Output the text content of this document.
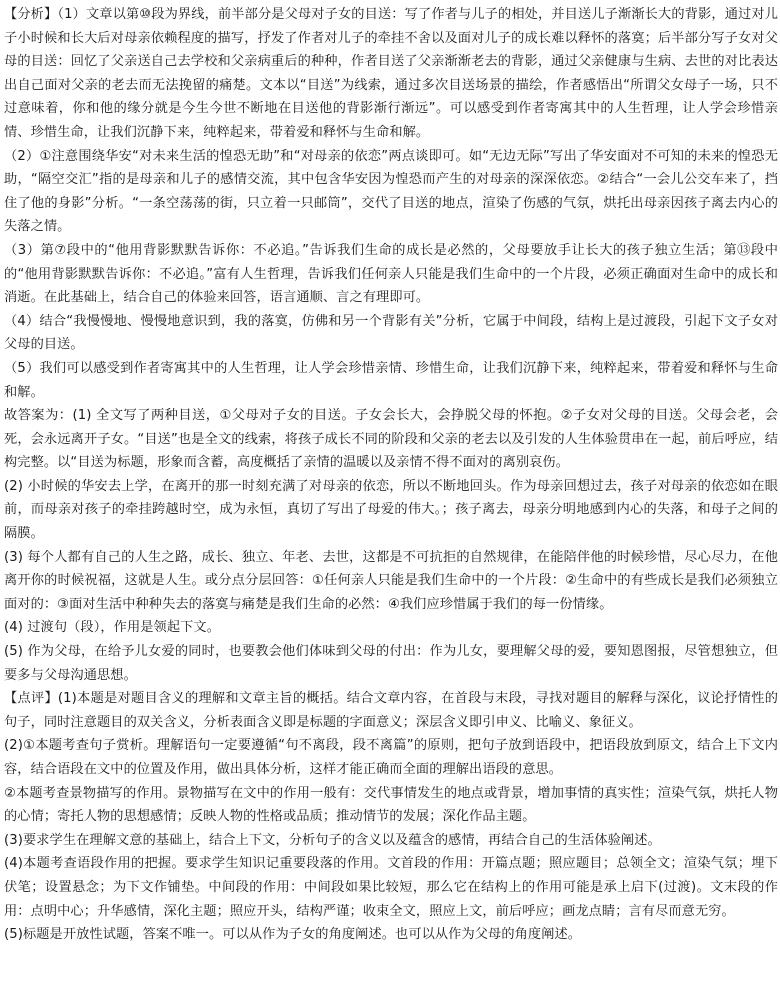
【分析】（1）文章以第⑩段为界线，前半部分是父母对子女的目送：写了作者与儿子的相处，并目送儿子渐渐长大的背影，通过对儿子小时候和长大后对母亲依赖程度的描写，抒发了作者对儿子的牵挂不舍以及面对儿子的成长难以释怀的落寞；后半部分写子女对父母的目送：回忆了父亲送自己去学校和父亲病重后的种种，作者目送了父亲渐渐老去的背影，通过父亲健康与生病、去世的对比表达出自己面对父亲的老去而无法挽留的痛楚。文本以“目送”为线索，通过多次目送场景的描绘，作者感悟出“所谓父女母子一场，只不过意味着，你和他的缘分就是今生今世不断地在目送他的背影渐行渐远”。可以感受到作者寄寓其中的人生哲理，让人学会珍惜亲情、珍惜生命，让我们沉静下来，纯粹起来，带着爱和释怀与生命和解。

（2）①注意围绕华安“对未来生活的惶恐无助”和“对母亲的依恋”两点谈即可。如“无边无际”写出了华安面对不可知的未来的惶恐无助，“隔空交汇”指的是母亲和儿子的感情交流，其中包含华安因为惶恐而产生的对母亲的深深依恋。②结合“一会儿公交车来了，挡住了他的身影”分析。“一条空荡荡的街，只立着一只邮筒”，交代了目送的地点，渲染了伤感的气氛，烘托出母亲因孩子离去内心的失落之情。

（3）第⑦段中的“他用背影默默告诉你：不必追。”告诉我们生命的成长是必然的，父母要放手让长大的孩子独立生活；第⑬段中的“他用背影默默告诉你：不必追。”富有人生哲理，告诉我们任何亲人只能是我们生命中的一个片段，必须正确面对生命中的成长和消逝。在此基础上，结合自己的体验来回答，语言通顺、言之有理即可。

（4）结合“我慢慢地、慢慢地意识到，我的落寞，仿佛和另一个背影有关”分析，它属于中间段，结构上是过渡段，引起下文子女对父母的目送。

（5）我们可以感受到作者寄寓其中的人生哲理，让人学会珍惜亲情、珍惜生命，让我们沉静下来，纯粹起来，带着爱和释怀与生命和解。

故答案为：(1) 全文写了两种目送，①父母对子女的目送。子女会长大，会挣脱父母的怀抱。②子女对父母的目送。父母会老，会死，会永远离开子女。“目送”也是全文的线索，将孩子成长不同的阶段和父亲的老去以及引发的人生体验贯串在一起，前后呼应，结构完整。以“目送为标题，形象而含蓄，高度概括了亲情的温暖以及亲情不得不面对的离别哀伤。

(2) 小时候的华安去上学，在离开的那一时刻充满了对母亲的依恋，所以不断地回头。作为母亲回想过去，孩子对母亲的依恋如在眼前，而母亲对孩子的牵挂跨越时空，成为永恒，真切了写出了母爱的伟大。；孩子离去，母亲分明地感到内心的失落，和母子之间的隔膜。

(3) 每个人都有自己的人生之路，成长、独立、年老、去世，这都是不可抗拒的自然规律，在能陪伴他的时候珍惜，尽心尽力，在他离开你的时候祝福，这就是人生。或分点分层回答：①任何亲人只能是我们生命中的一个片段：②生命中的有些成长是我们必须独立面对的：③面对生活中种种失去的落寞与痛楚是我们生命的必然：④我们应珍惜属于我们的每一份情缘。

(4) 过渡句（段），作用是领起下文。

(5) 作为父母，在给予儿女爱的同时，也要教会他们体味到父母的付出：作为儿女，要理解父母的爱，要知恩图报，尽管想独立，但要多与父母沟通思想。

【点评】(1)本题是对题目含义的理解和文章主旨的概括。结合文章内容，在首段与末段，寻找对题目的解释与深化，议论抒情性的句子，同时注意题目的双关含义，分析表面含义即是标题的字面意义；深层含义即引申义、比喻义、象征义。

(2)①本题考查句子赏析。理解语句一定要遵循“句不离段，段不离篇”的原则，把句子放到语段中，把语段放到原文，结合上下文内容，结合语段在文中的位置及作用，做出具体分析，这样才能正确而全面的理解出语段的意思。

②本题考查景物描写的作用。景物描写在文中的作用一般有：交代事情发生的地点或背景，增加事情的真实性；渲染气氛，烘托人物的心情；寄托人物的思想感情；反映人物的性格或品质；推动情节的发展；深化作品主题。

(3)要求学生在理解文意的基础上，结合上下文，分析句子的含义以及蕴含的感情，再结合自己的生活体验阐述。

(4)本题考查语段作用的把握。要求学生知识记重要段落的作用。文首段的作用：开篇点题；照应题目；总领全文；渲染气氛；埋下伏笔；设置悬念；为下文作铺垫。中间段的作用：中间段如果比较短，那么它在结构上的作用可能是承上启下(过渡)。文末段的作用：点明中心；升华感情，深化主题；照应开头，结构严谨；收束全文，照应上文，前后呼应；画龙点睛；言有尽而意无穷。

(5)标题是开放性试题，答案不唯一。可以从作为子女的角度阐述。也可以从作为父母的角度阐述。
